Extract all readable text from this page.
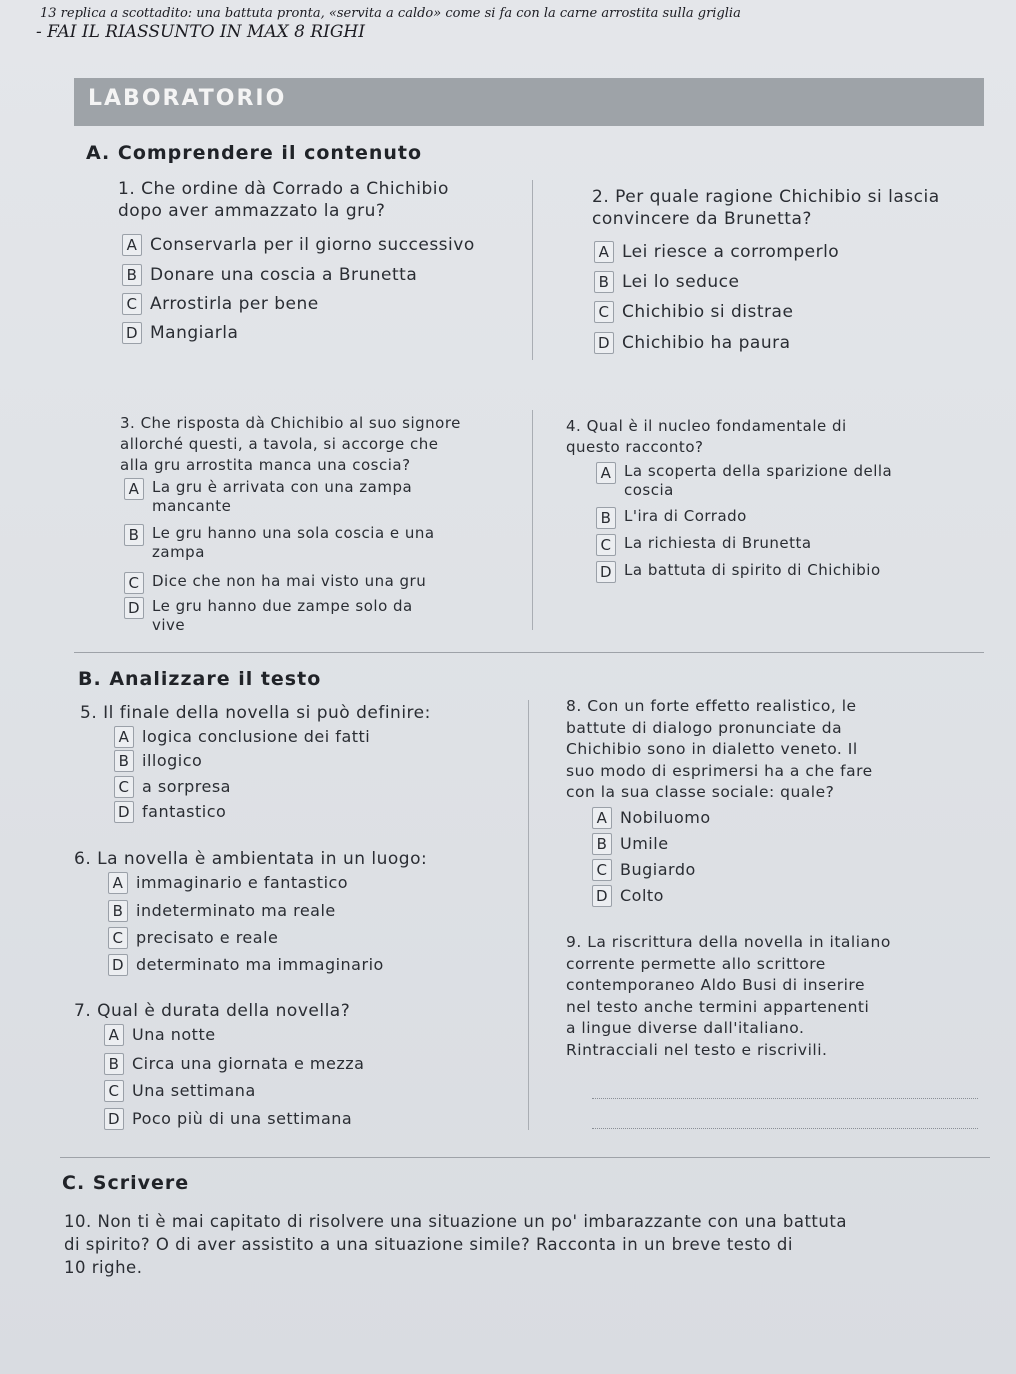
13 replica a scottadito: una battuta pronta, «servita a caldo» come si fa con la carne arrostita sulla griglia
- FAI IL RIASSUNTO IN MAX 8 RIGHI
LABORATORIO
A. Comprendere il contenuto
1. Che ordine dà Corrado a Chichibio
dopo aver ammazzato la gru?
A Conservarla per il giorno successivo
B Donare una coscia a Brunetta
C Arrostirla per bene
D Mangiarla
2. Per quale ragione Chichibio si lascia
convincere da Brunetta?
A Lei riesce a corromperlo
B Lei lo seduce
C Chichibio si distrae
D Chichibio ha paura
3. Che risposta dà Chichibio al suo signore
allorché questi, a tavola, si accorge che
alla gru arrostita manca una coscia?
A La gru è arrivata con una zampa
mancante
B Le gru hanno una sola coscia e una
zampa
C Dice che non ha mai visto una gru
D Le gru hanno due zampe solo da
vive
4. Qual è il nucleo fondamentale di
questo racconto?
A La scoperta della sparizione della
coscia
B L'ira di Corrado
C La richiesta di Brunetta
D La battuta di spirito di Chichibio
B. Analizzare il testo
5. Il finale della novella si può definire:
A logica conclusione dei fatti
B illogico
C a sorpresa
D fantastico
6. La novella è ambientata in un luogo:
A immaginario e fantastico
B indeterminato ma reale
C precisato e reale
D determinato ma immaginario
7. Qual è durata della novella?
A Una notte
B Circa una giornata e mezza
C Una settimana
D Poco più di una settimana
8. Con un forte effetto realistico, le
battute di dialogo pronunciate da
Chichibio sono in dialetto veneto. Il
suo modo di esprimersi ha a che fare
con la sua classe sociale: quale?
A Nobiluomo
B Umile
C Bugiardo
D Colto
9. La riscrittura della novella in italiano
corrente permette allo scrittore
contemporaneo Aldo Busi di inserire
nel testo anche termini appartenenti
a lingue diverse dall'italiano.
Rintracciali nel testo e riscrivili.
C. Scrivere
10. Non ti è mai capitato di risolvere una situazione un po' imbarazzante con una battuta
di spirito? O di aver assistito a una situazione simile? Racconta in un breve testo di
10 righe.
